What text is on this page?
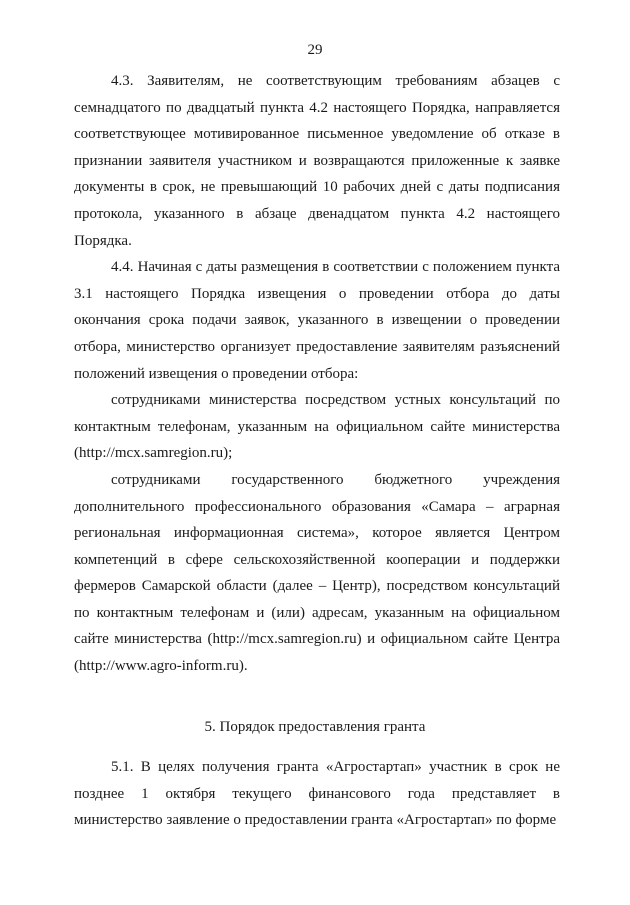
29

4.3. Заявителям, не соответствующим требованиям абзацев с семнадцатого по двадцатый пункта 4.2 настоящего Порядка, направляется соответствующее мотивированное письменное уведомление об отказе в признании заявителя участником и возвращаются приложенные к заявке документы в срок, не превышающий 10 рабочих дней с даты подписания протокола, указанного в абзаце двенадцатом пункта 4.2 настоящего Порядка.

4.4. Начиная с даты размещения в соответствии с положением пункта 3.1 настоящего Порядка извещения о проведении отбора до даты окончания срока подачи заявок, указанного в извещении о проведении отбора, министерство организует предоставление заявителям разъяснений положений извещения о проведении отбора:

сотрудниками министерства посредством устных консультаций по контактным телефонам, указанным на официальном сайте министерства (http://mcx.samregion.ru);

сотрудниками государственного бюджетного учреждения дополнительного профессионального образования «Самара – аграрная региональная информационная система», которое является Центром компетенций в сфере сельскохозяйственной кооперации и поддержки фермеров Самарской области (далее – Центр), посредством консультаций по контактным телефонам и (или) адресам, указанным на официальном сайте министерства (http://mcx.samregion.ru) и официальном сайте Центра (http://www.agro-inform.ru).

5. Порядок предоставления гранта

5.1. В целях получения гранта «Агростартап» участник в срок не позднее 1 октября текущего финансового года представляет в министерство заявление о предоставлении гранта «Агростартап» по форме
